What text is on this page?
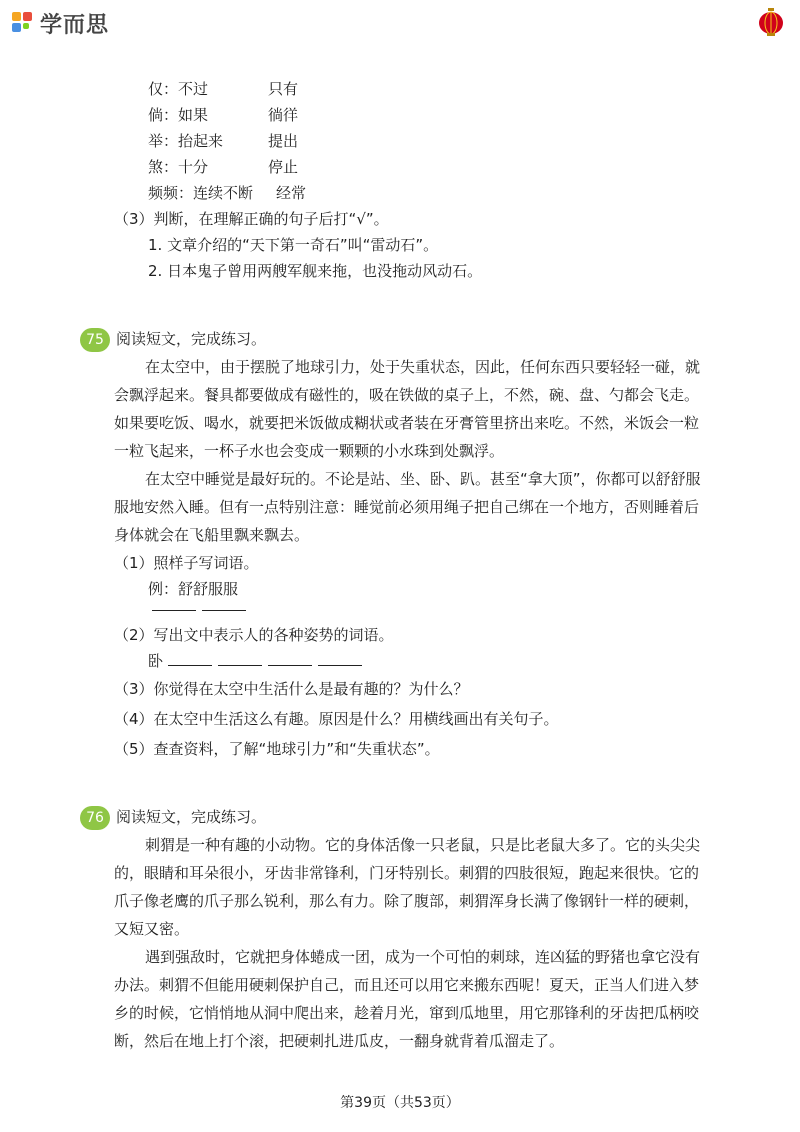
学而思
仅：不过	只有
倘：如果	徜徉
举：抬起来	提出
煞：十分	停止
频频：连续不断 经常
（3）判断，在理解正确的句子后打“√”。
1. 文章介绍的“天下第一奇石”叫“雷动石”。
2. 日本鬼子曾用两艘军舰来拖，也没拖动风动石。
75 阅读短文，完成练习。
在太空中，由于摆脱了地球引力，处于失重状态，因此，任何东西只要轻轻一碰，就
会飘浮起来。餐具都要做成有磁性的，吸在铁做的桌子上，不然，碗、盘、勺都会飞走。
如果要吃饭、喝水，就要把米饭做成糊状或者装在牙膏管里挤出来吃。不然，米饭会一粒
一粒飞起来，一杯子水也会变成一颗颗的小水珠到处飘浮。
在太空中睡觉是最好玩的。不论是站、坐、卧、趴。甚至“拿大顶”，你都可以舒舒服
服地安然入睡。但有一点特别注意：睡觉前必须用绳子把自己绑在一个地方，否则睡着后
身体就会在飞船里飘来飘去。
（1）照样子写词语。
例：舒舒服服
（2）写出文中表示人的各种姿势的词语。
卧
（3）你觉得在太空中生活什么是最有趣的？为什么？
（4）在太空中生活这么有趣。原因是什么？用横线画出有关句子。
（5）查查资料，了解“地球引力”和“失重状态”。
76 阅读短文，完成练习。
刺猬是一种有趣的小动物。它的身体活像一只老鼠，只是比老鼠大多了。它的头尖尖
的，眼睛和耳朵很小，牙齿非常锋利，门牙特别长。刺猬的四肢很短，跑起来很快。它的
爪子像老鹰的爪子那么锐利，那么有力。除了腹部，刺猬浑身长满了像钢针一样的硬刺，
又短又密。
遇到强敌时，它就把身体蜷成一团，成为一个可怕的刺球，连凶猛的野猪也拿它没有
办法。刺猬不但能用硬刺保护自己，而且还可以用它来搬东西呢！夏天，正当人们进入梦
乡的时候，它悄悄地从洞中爬出来，趁着月光，窜到瓜地里，用它那锋利的牙齿把瓜柄咬
断，然后在地上打个滚，把硬刺扎进瓜皮，一翻身就背着瓜溜走了。
第39页（共53页）
